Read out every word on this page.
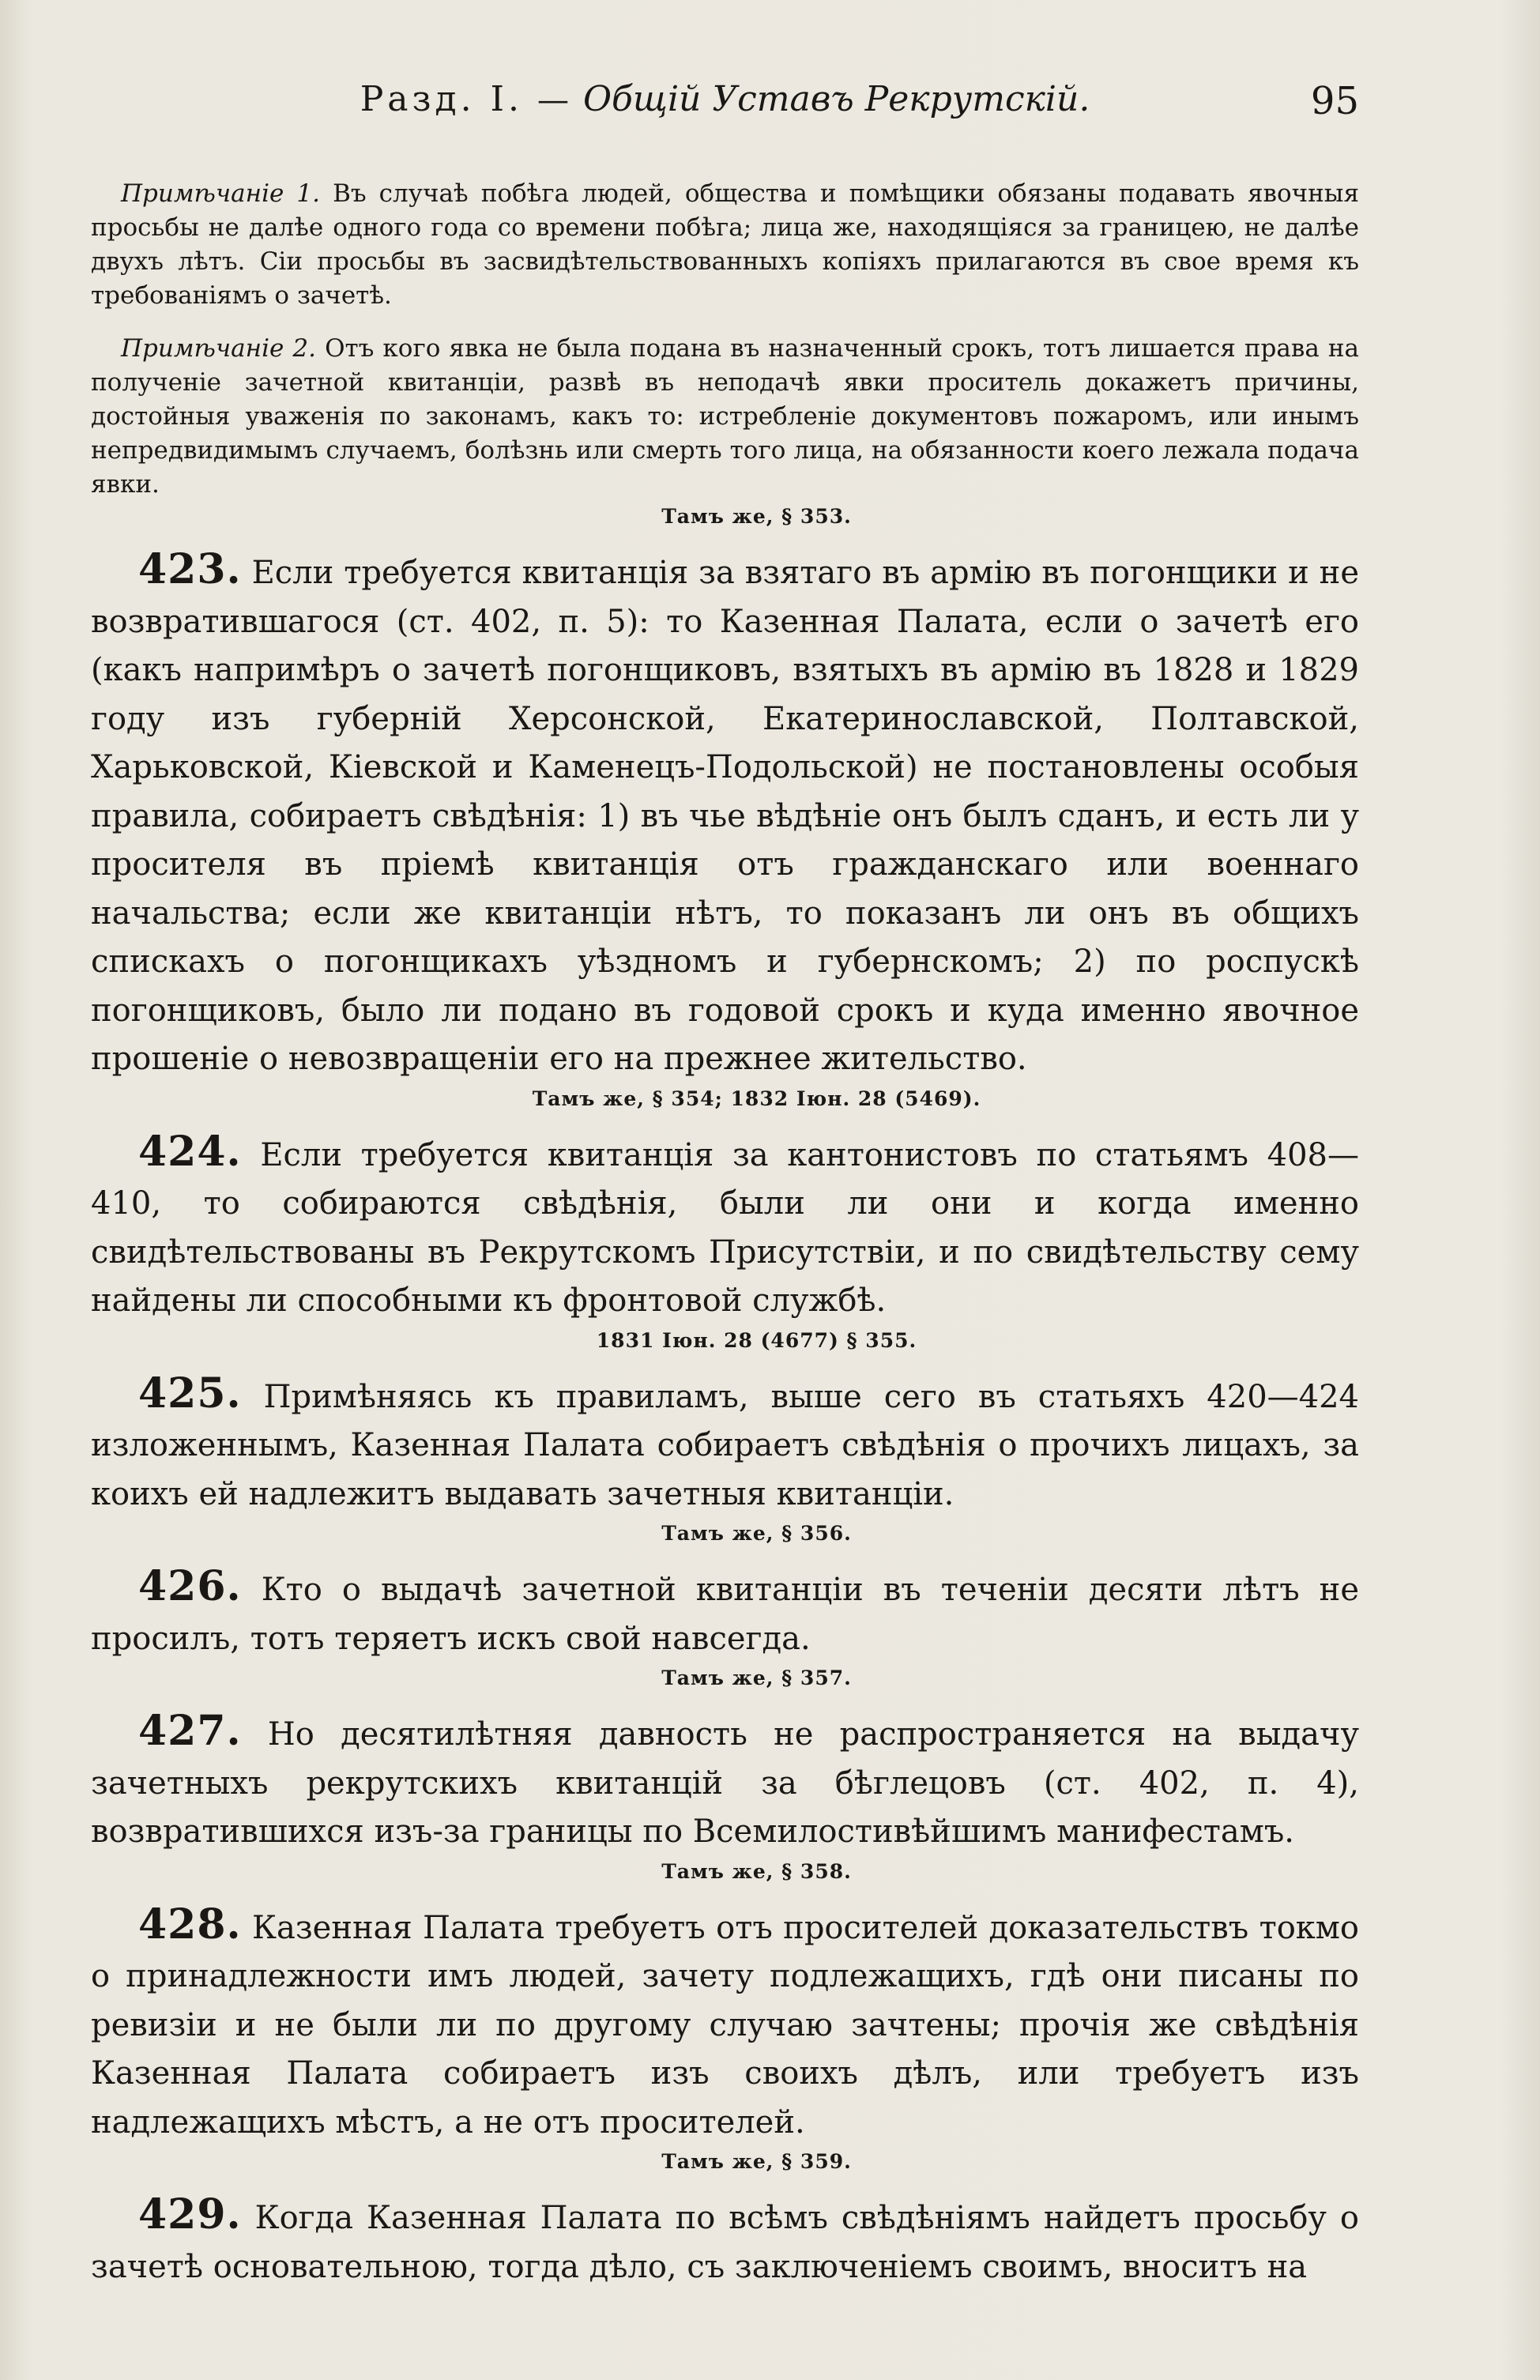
Разд. I. — Общій Уставъ Рекрутскій.	95

Примѣчаніе 1. Въ случаѣ побѣга людей, общества и помѣщики обязаны подавать явочныя просьбы не далѣе одного года со времени побѣга; лица же, находящіяся за границею, не далѣе двухъ лѣтъ. Сіи просьбы въ засвидѣтельствованныхъ копіяхъ прилагаются въ свое время къ требованіямъ о зачетѣ.

Примѣчаніе 2. Отъ кого явка не была подана въ назначенный срокъ, тотъ лишается права на полученіе зачетной квитанціи, развѣ въ неподачѣ явки проситель докажетъ причины, достойныя уваженія по законамъ, какъ то: истребленіе документовъ пожаромъ, или инымъ непредвидимымъ случаемъ, болѣзнь или смерть того лица, на обязанности коего лежала подача явки.

Тамъ же, § 353.

423. Если требуется квитанція за взятаго въ армію въ погонщики и не возвратившагося (ст. 402, п. 5): то Казенная Палата, если о зачетѣ его (какъ напримѣръ о зачетѣ погонщиковъ, взятыхъ въ армію въ 1828 и 1829 году изъ губерній Херсонской, Екатеринославской, Полтавской, Харьковской, Кіевской и Каменецъ-Подольской) не постановлены особыя правила, собираетъ свѣдѣнія: 1) въ чье вѣдѣніе онъ былъ сданъ, и есть ли у просителя въ пріемѣ квитанція отъ гражданскаго или военнаго начальства; если же квитанціи нѣтъ, то показанъ ли онъ въ общихъ спискахъ о погонщикахъ уѣздномъ и губернскомъ; 2) по роспускѣ погонщиковъ, было ли подано въ годовой срокъ и куда именно явочное прошеніе о невозвращеніи его на прежнее жительство.

Тамъ же, § 354; 1832 Іюн. 28 (5469).

424. Если требуется квитанція за кантонистовъ по статьямъ 408—410, то собираются свѣдѣнія, были ли они и когда именно свидѣтельствованы въ Рекрутскомъ Присутствіи, и по свидѣтельству сему найдены ли способными къ фронтовой службѣ.

1831 Іюн. 28 (4677) § 355.

425. Примѣняясь къ правиламъ, выше сего въ статьяхъ 420—424 изложеннымъ, Казенная Палата собираетъ свѣдѣнія о прочихъ лицахъ, за коихъ ей надлежитъ выдавать зачетныя квитанціи.

Тамъ же, § 356.

426. Кто о выдачѣ зачетной квитанціи въ теченіи десяти лѣтъ не просилъ, тотъ теряетъ искъ свой навсегда.

Тамъ же, § 357.

427. Но десятилѣтняя давность не распространяется на выдачу зачетныхъ рекрутскихъ квитанцій за бѣглецовъ (ст. 402, п. 4), возвратившихся изъ-за границы по Всемилостивѣйшимъ манифестамъ.

Тамъ же, § 358.

428. Казенная Палата требуетъ отъ просителей доказательствъ токмо о принадлежности имъ людей, зачету подлежащихъ, гдѣ они писаны по ревизіи и не были ли по другому случаю зачтены; прочія же свѣдѣнія Казенная Палата собираетъ изъ своихъ дѣлъ, или требуетъ изъ надлежащихъ мѣстъ, а не отъ просителей.

Тамъ же, § 359.

429. Когда Казенная Палата по всѣмъ свѣдѣніямъ найдетъ просьбу о зачетѣ основательною, тогда дѣло, съ заключеніемъ своимъ, вноситъ на
